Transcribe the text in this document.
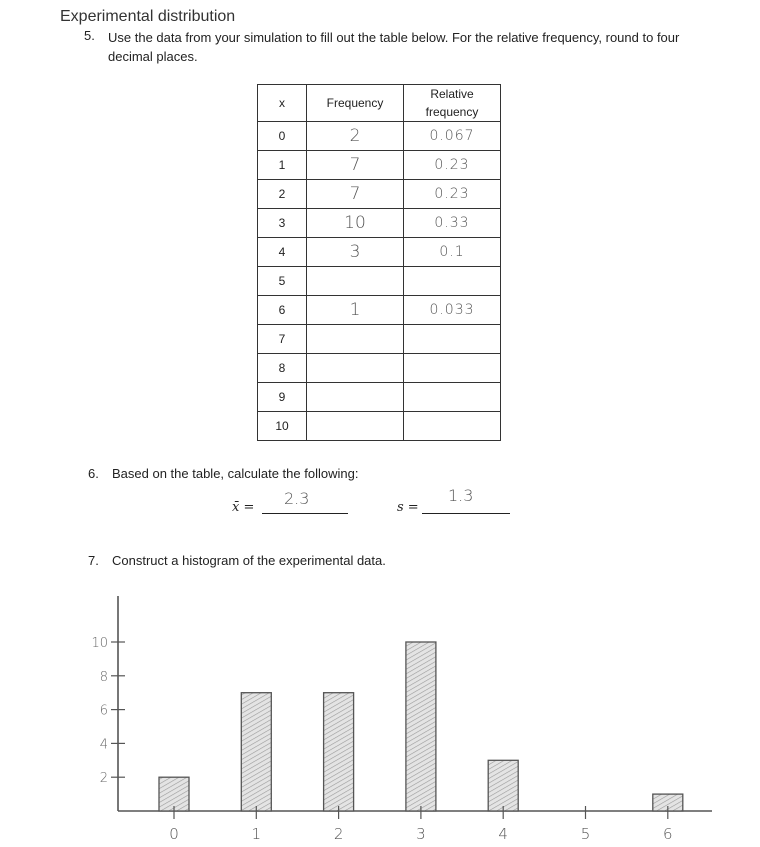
Experimental distribution
5. Use the data from your simulation to fill out the table below. For the relative frequency, round to four decimal places.
x	Frequency	Relative
frequency
0	2	0.067
1	7	0.23
2	7	0.23
3	10	0.33
4	3	0.1
5		
6	1	0.033
7		
8		
9		
10		
6. Based on the table, calculate the following:
x̄ = 2.3	s =
1.3
7. Construct a histogram of the experimental data.
2
4
6
8
10
0	1	2	3	4	5	6
